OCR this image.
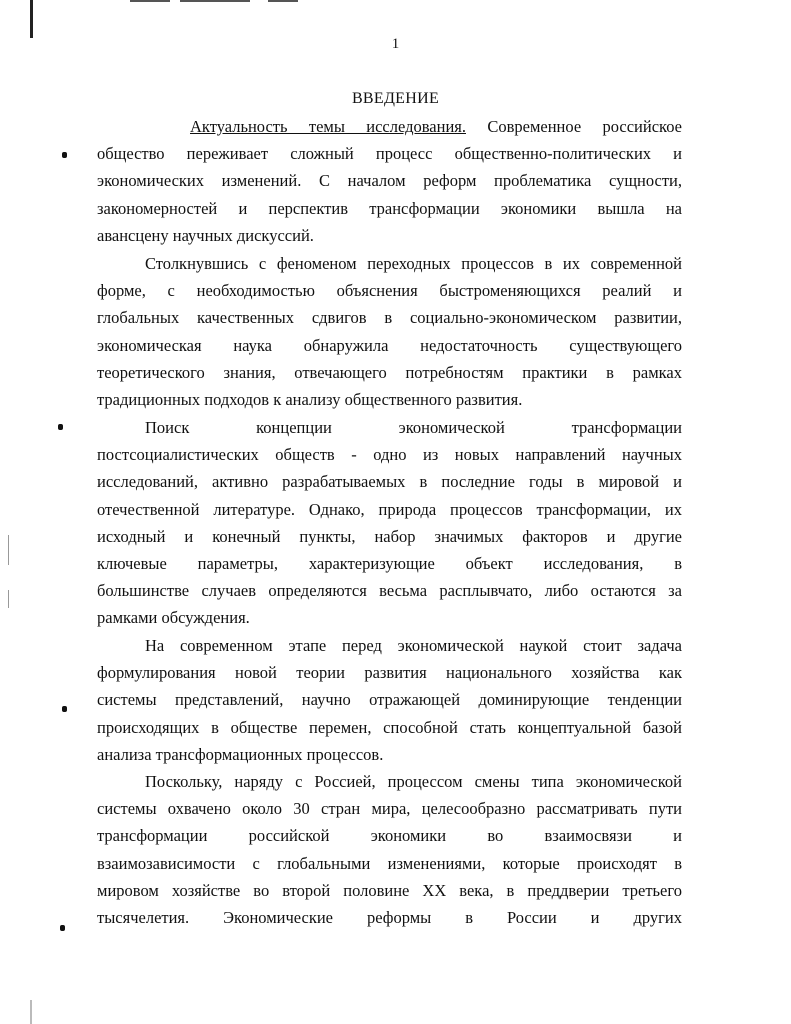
1
ВВЕДЕНИЕ
Актуальность темы исследования. Современное российское
общество переживает сложный процесс общественно-политических и
экономических изменений. С началом реформ проблематика сущности,
закономерностей и перспектив трансформации экономики вышла на
авансцену научных дискуссий.
Столкнувшись с феноменом переходных процессов в их современной
форме, с необходимостью объяснения быстроменяющихся реалий и
глобальных качественных сдвигов в социально-экономическом развитии,
экономическая наука обнаружила недостаточность существующего
теоретического знания, отвечающего потребностям практики в рамках
традиционных подходов к анализу общественного развития.
Поиск концепции экономической трансформации
постсоциалистических обществ - одно из новых направлений научных
исследований, активно разрабатываемых в последние годы в мировой и
отечественной литературе. Однако, природа процессов трансформации, их
исходный и конечный пункты, набор значимых факторов и другие
ключевые параметры, характеризующие объект исследования, в
большинстве случаев определяются весьма расплывчато, либо остаются за
рамками обсуждения.
На современном этапе перед экономической наукой стоит задача
формулирования новой теории развития национального хозяйства как
системы представлений, научно отражающей доминирующие тенденции
происходящих в обществе перемен, способной стать концептуальной базой
анализа трансформационных процессов.
Поскольку, наряду с Россией, процессом смены типа экономической
системы охвачено около 30 стран мира, целесообразно рассматривать пути
трансформации российской экономики во взаимосвязи и
взаимозависимости с глобальными изменениями, которые происходят в
мировом хозяйстве во второй половине XX века, в преддверии третьего
тысячелетия. Экономические реформы в России и других
